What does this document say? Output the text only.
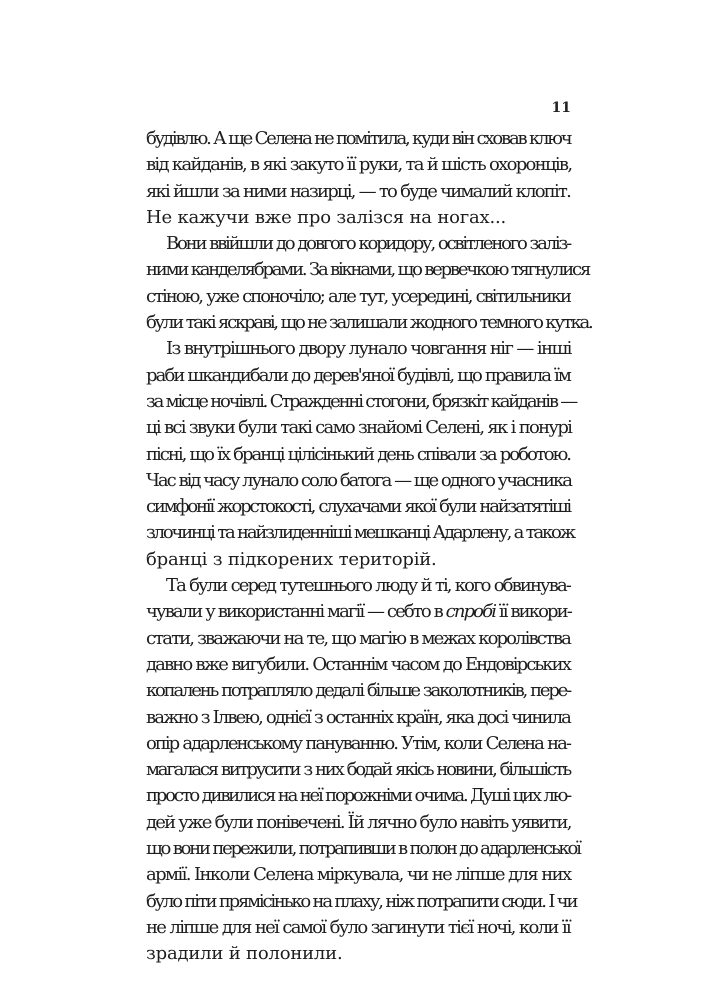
11
будівлю. А ще Селена не помітила, куди він сховав ключ
від кайданів, в які закуто її руки, та й шість охоронців,
які йшли за ними назирці, — то буде чималий клопіт.
Не кажучи вже про залізся на ногах...
Вони ввійшли до довгого коридору, освітленого заліз-
ними канделябрами. За вікнами, що вервечкою тягнулися
стіною, уже споночіло; але тут, усередині, світильники
були такі яскраві, що не залишали жодного темного кутка.
Із внутрішнього двору лунало човгання ніг — інші
раби шкандибали до дерев'яної будівлі, що правила їм
за місце ночівлі. Стражденні стогони, брязкіт кайданів —
ці всі звуки були такі само знайомі Селені, як і понурі
пісні, що їх бранці цілісінький день співали за роботою.
Час від часу лунало соло батога — ще одного учасника
симфонії жорстокості, слухачами якої були найзатятіші
злочинці та найзлиденніші мешканці Адарлену, а також
бранці з підкорених територій.
Та були серед тутешнього люду й ті, кого обвинува-
чували у використанні магії — себто в спробі її викори-
стати, зважаючи на те, що магію в межах королівства
давно вже вигубили. Останнім часом до Ендовірських
копалень потрапляло дедалі більше заколотників, пере-
важно з Ілвею, однієї з останніх країн, яка досі чинила
опір адарленському пануванню. Утім, коли Селена на-
магалася витрусити з них бодай якісь новини, більшість
просто дивилися на неї порожніми очима. Душі цих лю-
дей уже були понівечені. Їй лячно було навіть уявити,
що вони пережили, потрапивши в полон до адарленської
армії. Інколи Селена міркувала, чи не ліпше для них
було піти прямісінько на плаху, ніж потрапити сюди. І чи
не ліпше для неї самої було загинути тієї ночі, коли її
зрадили й полонили.
